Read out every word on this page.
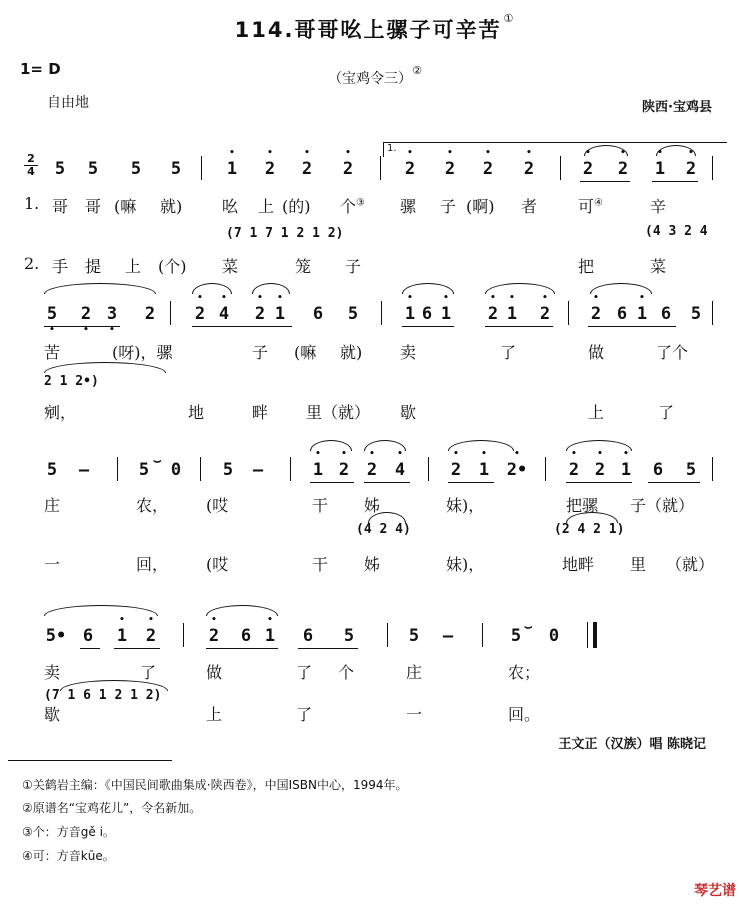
114.哥哥吆上骡子可辛苦 ①
（宝鸡令三）②
1= D
自由地	陕西·宝鸡县
2
4
1.
5 5 5 5	• 1 • 2 • 2 • 2	• 2 • 2 • 2 • 2	• 2 • 2 • 1 • 2
1. 哥 哥 (嘛 就) 吆 上 (的) 个③ 骡 子 (啊) 者	可④	辛
(7 1 7 1 2 1 2)	(4 3 2 4
2. 手 提 上 (个) 菜	笼 子	把	菜
5 • 2 • 3 • 2 • 2 • 4 • 2 • 1 6 5	• 1 6 • 1 • 2 • 1 • 2 • 2 6 • 1 6 5
苦	(呀)，骡	子 (嘛 就) 卖	了	做	了个
2 1 2•)
剜，	地	畔 里（就） 歇	上	了
5 —	5 0
⌣	5 —	• 1 • 2 • 2 • 4	• 2 • 1 • 2• • 2 • 2 • 1 6 5
庄	农， (哎	干 姊	妹)，	把骡 子（就）
(4 2 4)	(2 4 2 1)
一	回， (哎	干 姊	妹)，	地畔 里 （就）
5• 6 • 1 • 2	• 2 6 • 1 6 5	5 —	5 ⌣ 0
卖	了	做	了 个	庄	农；
(7 1 6 1 2 1 2)
歇	上	了	一	回。
王文正（汉族）唱 陈晓记
①关鹤岩主编：《中国民间歌曲集成·陕西卷》，中国ISBN中心，1994年。
②原谱名“宝鸡花儿”，令名新加。
③个：方音gě i。
④可：方音kūe。
琴艺谱
